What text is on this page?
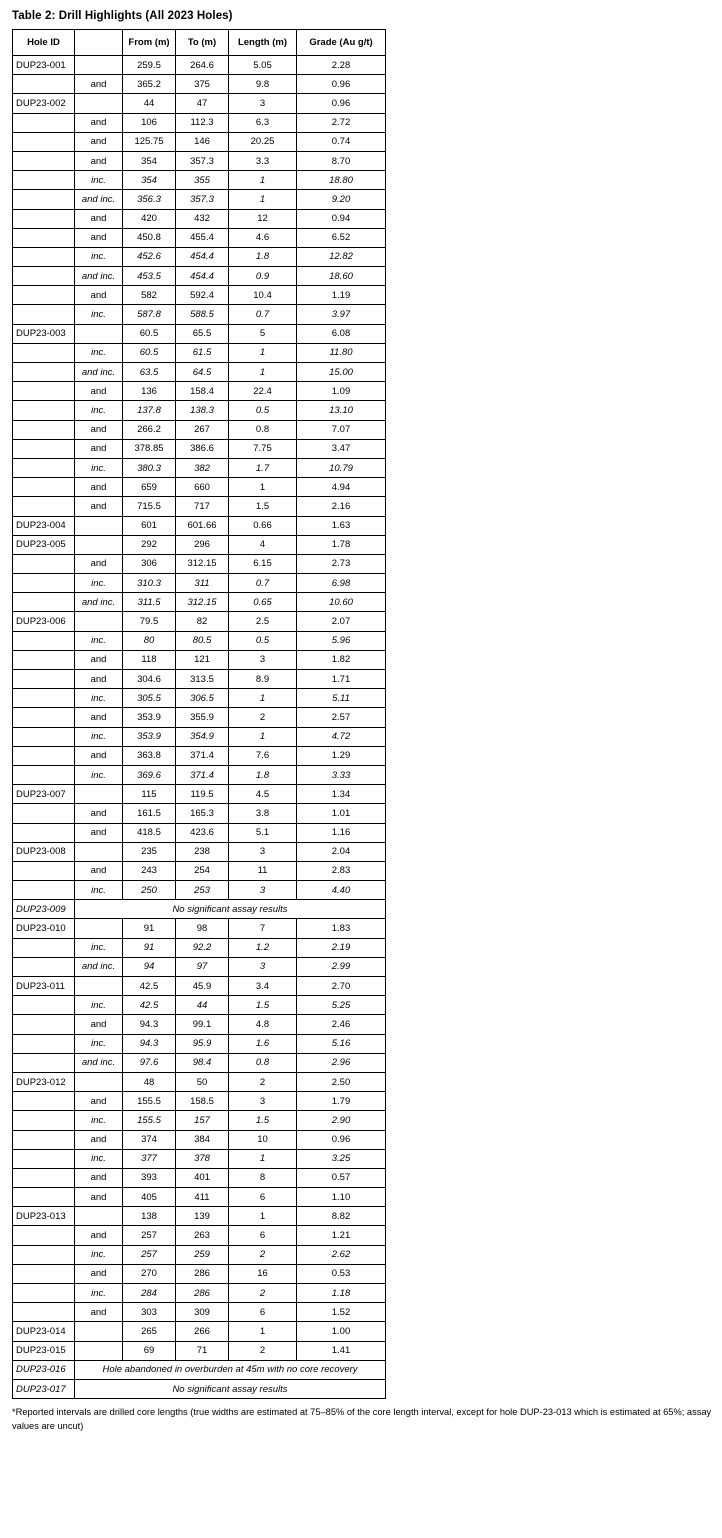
Table 2: Drill Highlights (All 2023 Holes)
Hole ID		From (m)	To (m)	Length (m)	Grade (Au g/t)
DUP23-001		259.5	264.6	5.05	2.28
	and	365.2	375	9.8	0.96
DUP23-002		44	47	3	0.96
	and	106	112.3	6.3	2.72
	and	125.75	146	20.25	0.74
	and	354	357.3	3.3	8.70
	inc.	354	355	1	18.80
	and inc.	356.3	357.3	1	9.20
	and	420	432	12	0.94
	and	450.8	455.4	4.6	6.52
	inc.	452.6	454.4	1.8	12.82
	and inc.	453.5	454.4	0.9	18.60
	and	582	592.4	10.4	1.19
	inc.	587.8	588.5	0.7	3.97
DUP23-003		60.5	65.5	5	6.08
	inc.	60.5	61.5	1	11.80
	and inc.	63.5	64.5	1	15.00
	and	136	158.4	22.4	1.09
	inc.	137.8	138.3	0.5	13.10
	and	266.2	267	0.8	7.07
	and	378.85	386.6	7.75	3.47
	inc.	380.3	382	1.7	10.79
	and	659	660	1	4.94
	and	715.5	717	1.5	2.16
DUP23-004		601	601.66	0.66	1.63
DUP23-005		292	296	4	1.78
	and	306	312.15	6.15	2.73
	inc.	310.3	311	0.7	6.98
	and inc.	311.5	312.15	0.65	10.60
DUP23-006		79.5	82	2.5	2.07
	inc.	80	80.5	0.5	5.96
	and	118	121	3	1.82
	and	304.6	313.5	8.9	1.71
	inc.	305.5	306.5	1	5.11
	and	353.9	355.9	2	2.57
	inc.	353.9	354.9	1	4.72
	and	363.8	371.4	7.6	1.29
	inc.	369.6	371.4	1.8	3.33
DUP23-007		115	119.5	4.5	1.34
	and	161.5	165.3	3.8	1.01
	and	418.5	423.6	5.1	1.16
DUP23-008		235	238	3	2.04
	and	243	254	11	2.83
	inc.	250	253	3	4.40
DUP23-009	No significant assay results				
DUP23-010		91	98	7	1.83
	inc.	91	92.2	1.2	2.19
	and inc.	94	97	3	2.99
DUP23-011		42.5	45.9	3.4	2.70
	inc.	42.5	44	1.5	5.25
	and	94.3	99.1	4.8	2.46
	inc.	94.3	95.9	1.6	5.16
	and inc.	97.6	98.4	0.8	2.96
DUP23-012		48	50	2	2.50
	and	155.5	158.5	3	1.79
	inc.	155.5	157	1.5	2.90
	and	374	384	10	0.96
	inc.	377	378	1	3.25
	and	393	401	8	0.57
	and	405	411	6	1.10
DUP23-013		138	139	1	8.82
	and	257	263	6	1.21
	inc.	257	259	2	2.62
	and	270	286	16	0.53
	inc.	284	286	2	1.18
	and	303	309	6	1.52
DUP23-014		265	266	1	1.00
DUP23-015		69	71	2	1.41
DUP23-016	Hole abandoned in overburden at 45m with no core recovery				
DUP23-017	No significant assay results				
*Reported intervals are drilled core lengths (true widths are estimated at 75–85% of the core length interval, except for hole DUP-23-013 which is estimated at 65%; assay values are uncut)
